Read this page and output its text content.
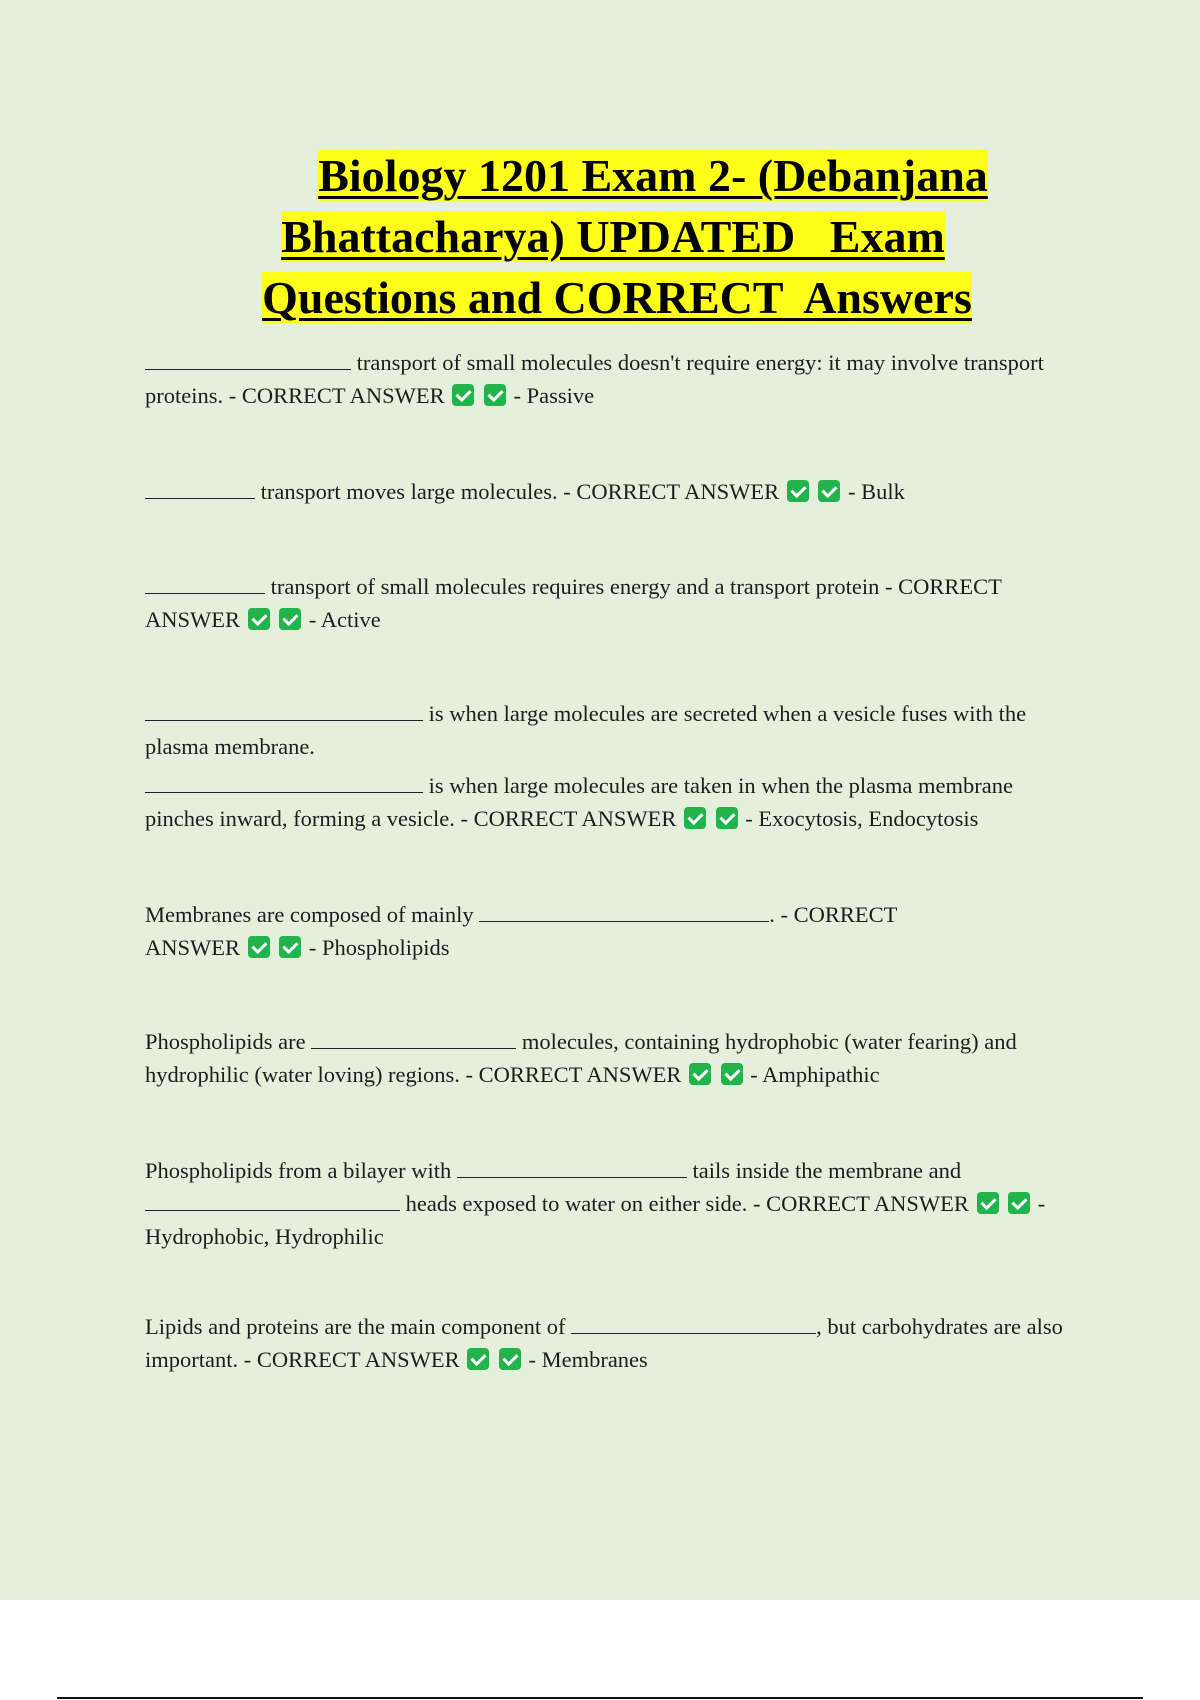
Biology 1201 Exam 2- (Debanjana
Bhattacharya) UPDATED   Exam
Questions and CORRECT  Answers
transport of small molecules doesn't require energy: it may involve transport proteins. - CORRECT ANSWER	- Passive
transport moves large molecules. - CORRECT ANSWER	- Bulk
transport of small molecules requires energy and a transport protein - CORRECT ANSWER	- Active
is when large molecules are secreted when a vesicle fuses with the plasma membrane.
is when large molecules are taken in when the plasma membrane pinches inward, forming a vesicle. - CORRECT ANSWER	- Exocytosis, Endocytosis
Membranes are composed of mainly	. - CORRECT ANSWER	- Phospholipids
Phospholipids are	molecules, containing hydrophobic (water fearing) and hydrophilic (water loving) regions. - CORRECT ANSWER	- Amphipathic
Phospholipids from a bilayer with	tails inside the membrane and  heads exposed to water on either side. - CORRECT ANSWER	- Hydrophobic, Hydrophilic
Lipids and proteins are the main component of	, but carbohydrates are also important. - CORRECT ANSWER	- Membranes
